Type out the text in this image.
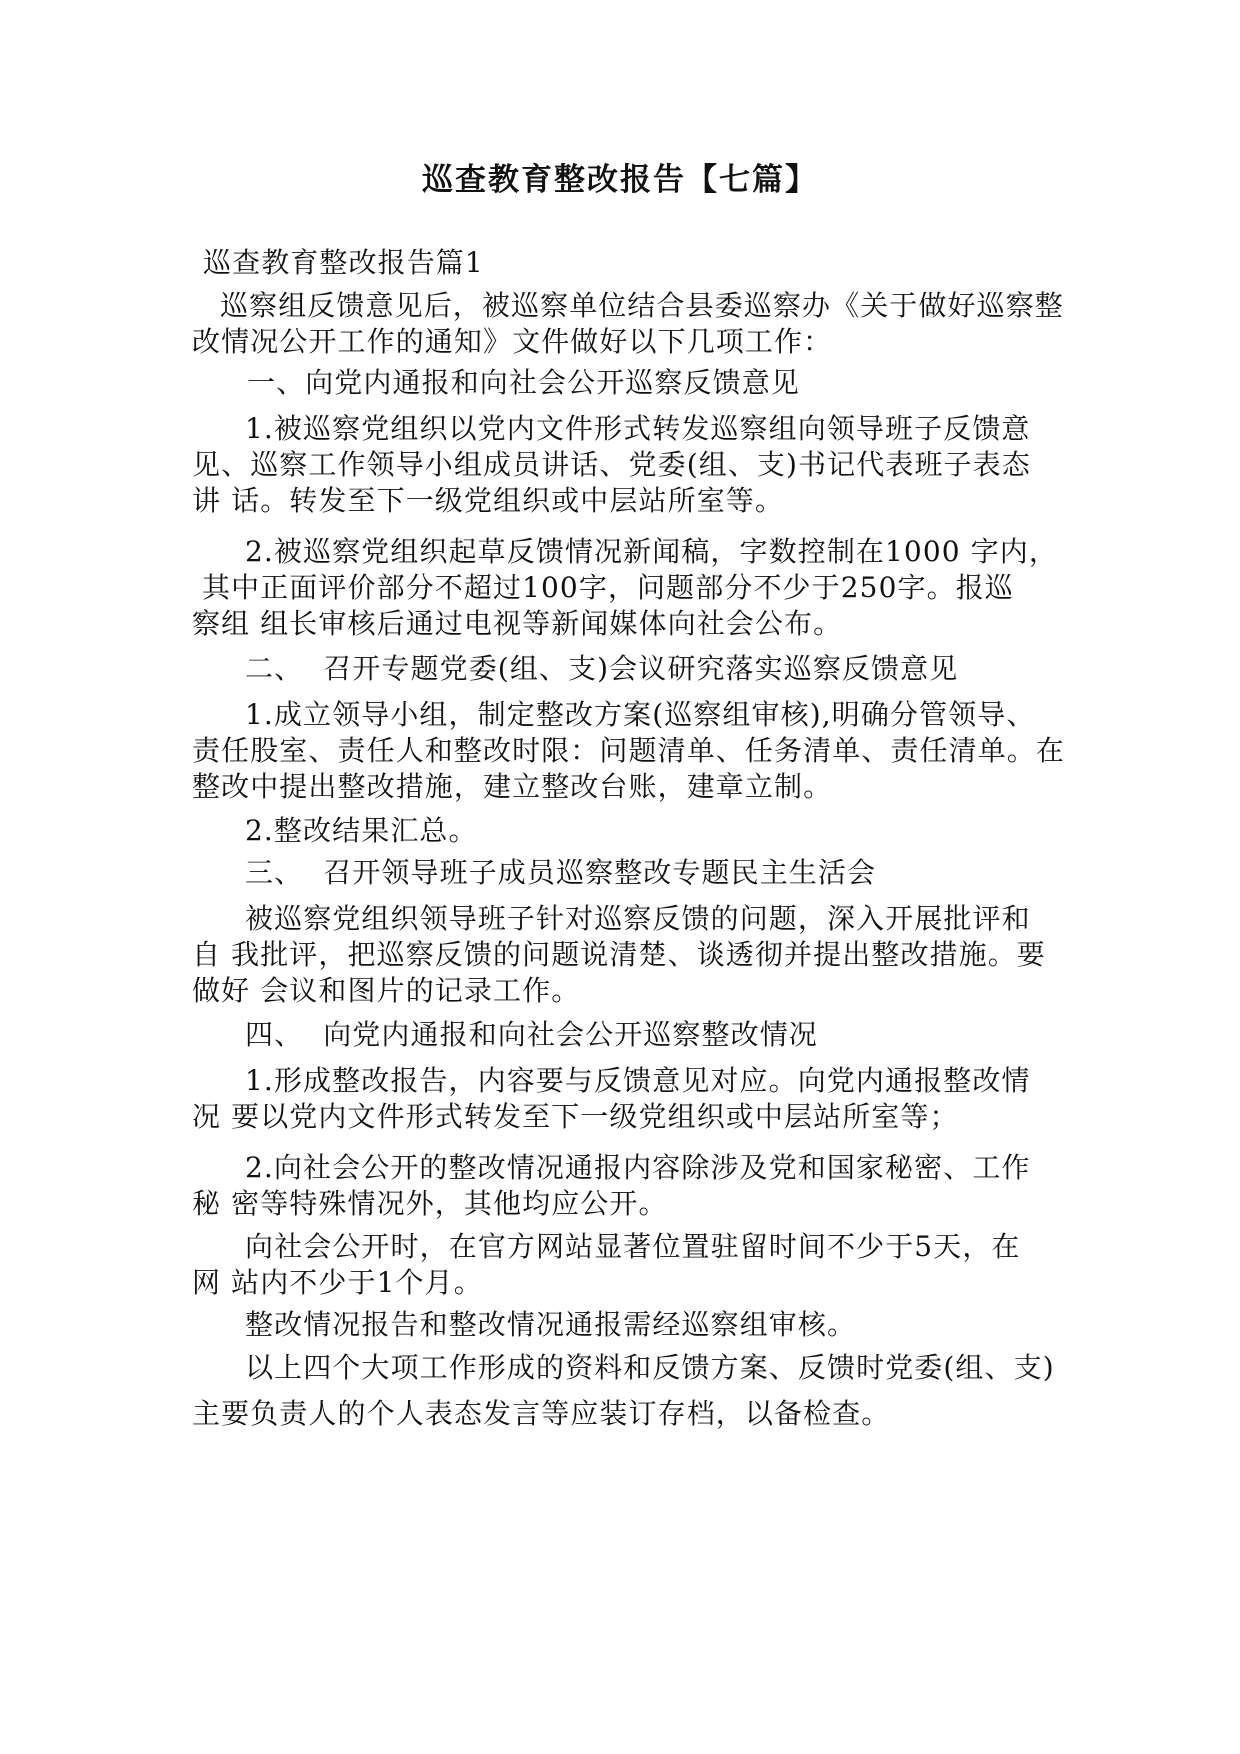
巡查教育整改报告【七篇】
巡查教育整改报告篇1
巡察组反馈意见后，被巡察单位结合县委巡察办《关于做好巡察整
改情况公开工作的通知》文件做好以下几项工作：
一、向党内通报和向社会公开巡察反馈意见
1.被巡察党组织以党内文件形式转发巡察组向领导班子反馈意
见、巡察工作领导小组成员讲话、党委(组、支)书记代表班子表态
讲 话。转发至下一级党组织或中层站所室等。
2.被巡察党组织起草反馈情况新闻稿，字数控制在1000 字内，
其中正面评价部分不超过100字，问题部分不少于250字。报巡
察组 组长审核后通过电视等新闻媒体向社会公布。
二、  召开专题党委(组、支)会议研究落实巡察反馈意见
1.成立领导小组，制定整改方案(巡察组审核),明确分管领导、
责任股室、责任人和整改时限：问题清单、任务清单、责任清单。在
整改中提出整改措施，建立整改台账，建章立制。
2.整改结果汇总。
三、  召开领导班子成员巡察整改专题民主生活会
被巡察党组织领导班子针对巡察反馈的问题，深入开展批评和
自 我批评，把巡察反馈的问题说清楚、谈透彻并提出整改措施。要
做好 会议和图片的记录工作。
四、  向党内通报和向社会公开巡察整改情况
1.形成整改报告，内容要与反馈意见对应。向党内通报整改情
况 要以党内文件形式转发至下一级党组织或中层站所室等；
2.向社会公开的整改情况通报内容除涉及党和国家秘密、工作
秘 密等特殊情况外，其他均应公开。
向社会公开时，在官方网站显著位置驻留时间不少于5天，在
网 站内不少于1个月。
整改情况报告和整改情况通报需经巡察组审核。
以上四个大项工作形成的资料和反馈方案、反馈时党委(组、支)
主要负责人的个人表态发言等应装订存档，以备检查。
